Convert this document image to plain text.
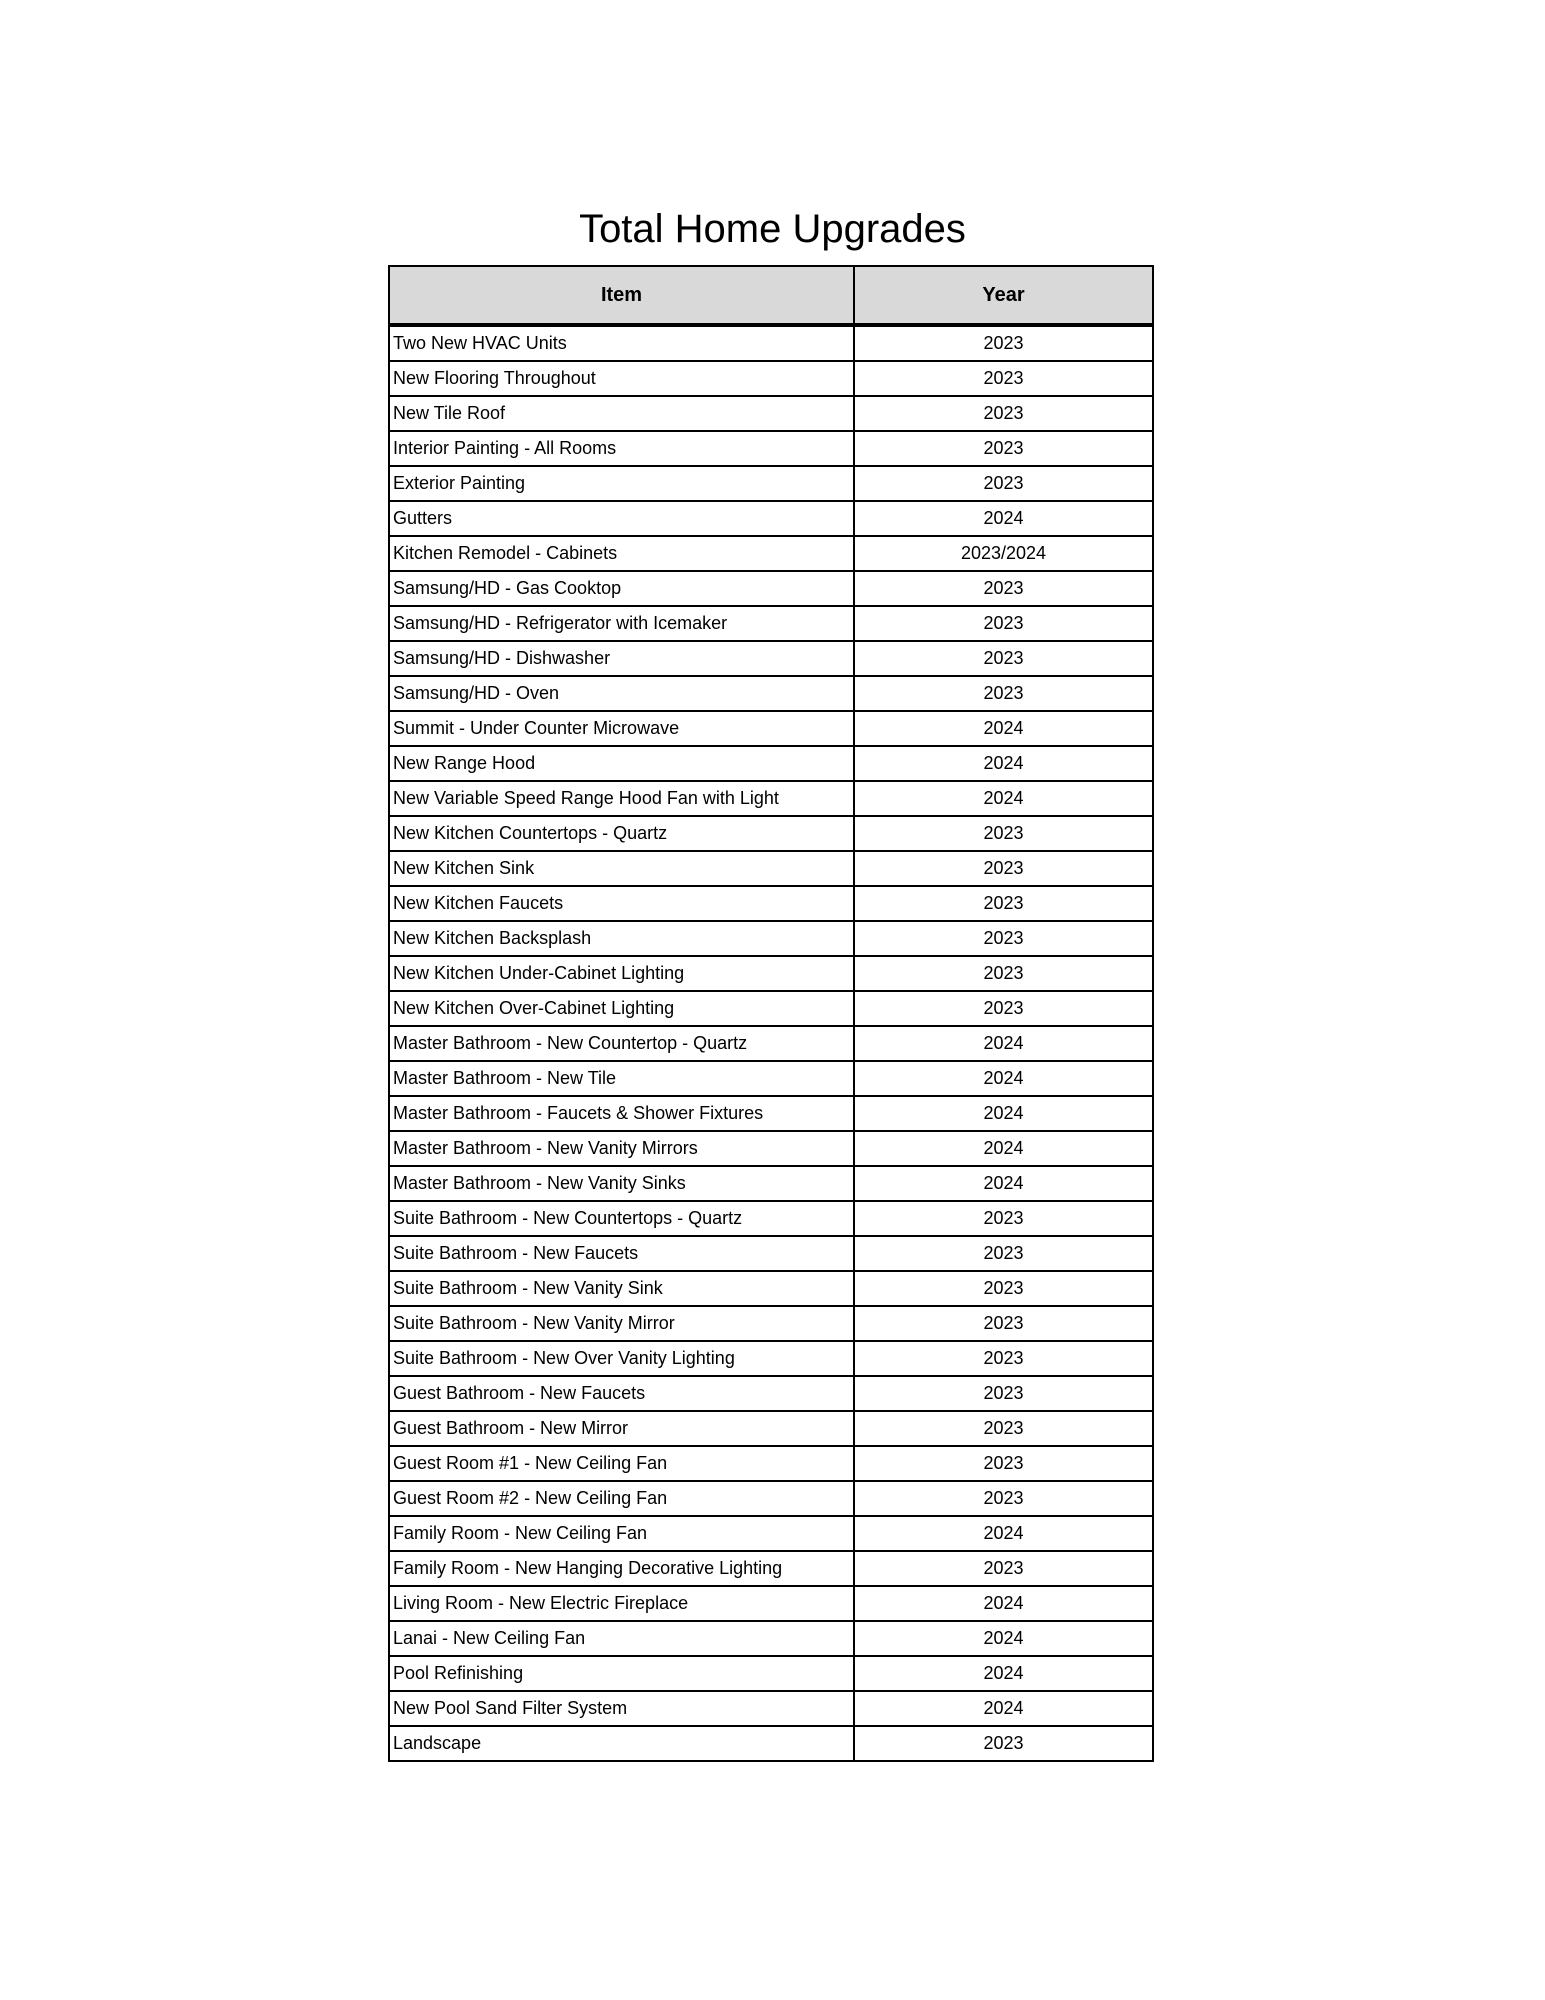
Total Home Upgrades
Item	Year
Two New HVAC Units	2023
New Flooring Throughout	2023
New Tile Roof	2023
Interior Painting - All Rooms	2023
Exterior Painting	2023
Gutters	2024
Kitchen Remodel - Cabinets	2023/2024
Samsung/HD - Gas Cooktop	2023
Samsung/HD - Refrigerator with Icemaker	2023
Samsung/HD - Dishwasher	2023
Samsung/HD - Oven	2023
Summit - Under Counter Microwave	2024
New Range Hood	2024
New Variable Speed Range Hood Fan with Light	2024
New Kitchen Countertops - Quartz	2023
New Kitchen Sink	2023
New Kitchen Faucets	2023
New Kitchen Backsplash	2023
New Kitchen Under-Cabinet Lighting	2023
New Kitchen Over-Cabinet Lighting	2023
Master Bathroom - New Countertop - Quartz	2024
Master Bathroom - New Tile	2024
Master Bathroom - Faucets & Shower Fixtures	2024
Master Bathroom - New Vanity Mirrors	2024
Master Bathroom - New Vanity Sinks	2024
Suite Bathroom - New Countertops - Quartz	2023
Suite Bathroom - New Faucets	2023
Suite Bathroom - New Vanity Sink	2023
Suite Bathroom - New Vanity Mirror	2023
Suite Bathroom - New Over Vanity Lighting	2023
Guest Bathroom - New Faucets	2023
Guest Bathroom - New Mirror	2023
Guest Room #1 - New Ceiling Fan	2023
Guest Room #2 - New Ceiling Fan	2023
Family Room - New Ceiling Fan	2024
Family Room - New Hanging Decorative Lighting	2023
Living Room - New Electric Fireplace	2024
Lanai - New Ceiling Fan	2024
Pool Refinishing	2024
New Pool Sand Filter System	2024
Landscape	2023
